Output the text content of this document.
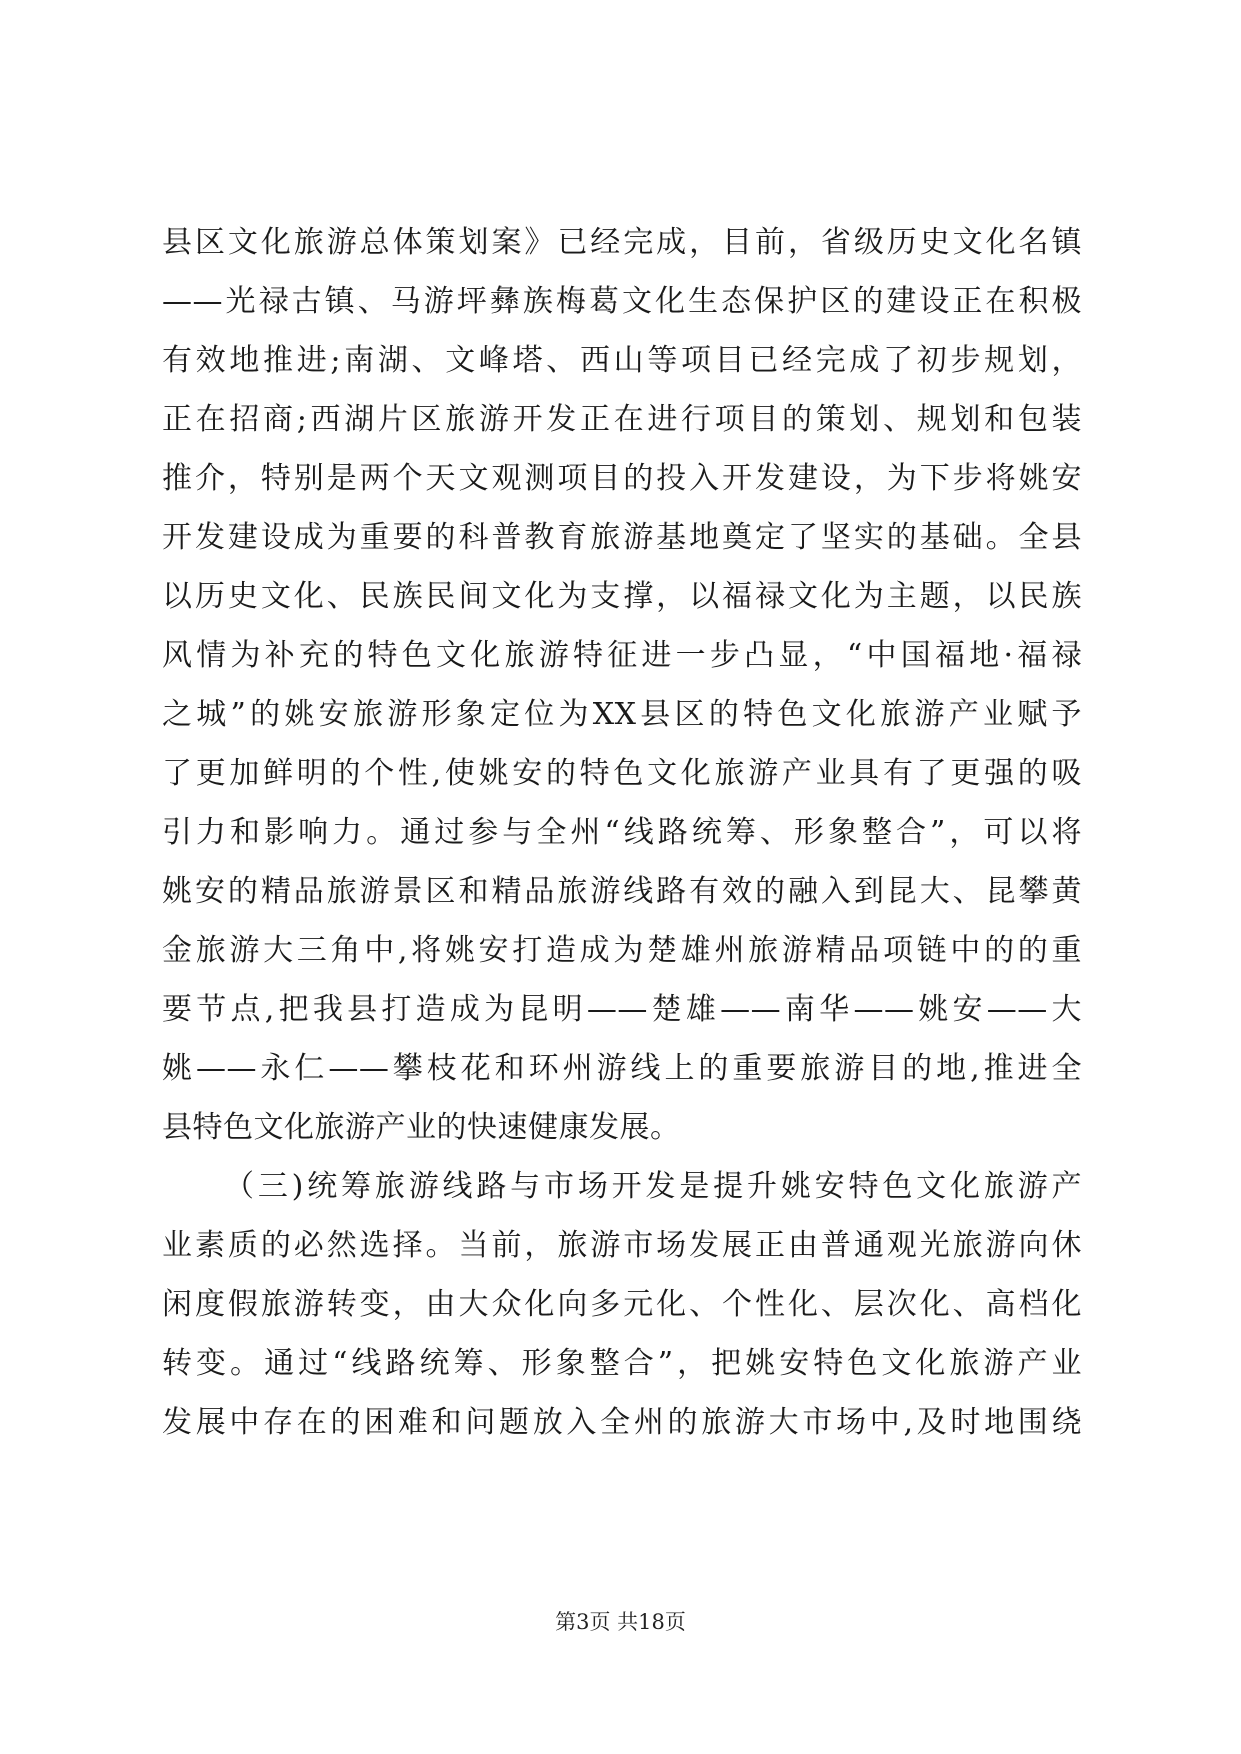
县区文化旅游总体策划案》已经完成，目前，省级历史文化名镇
——光禄古镇、马游坪彝族梅葛文化生态保护区的建设正在积极
有效地推进;南湖、文峰塔、西山等项目已经完成了初步规划，
正在招商;西湖片区旅游开发正在进行项目的策划、规划和包装
推介，特别是两个天文观测项目的投入开发建设，为下步将姚安
开发建设成为重要的科普教育旅游基地奠定了坚实的基础。全县
以历史文化、民族民间文化为支撑，以福禄文化为主题，以民族
风情为补充的特色文化旅游特征进一步凸显，“中国福地·福禄
之城”的姚安旅游形象定位为XX县区的特色文化旅游产业赋予
了更加鲜明的个性,使姚安的特色文化旅游产业具有了更强的吸
引力和影响力。通过参与全州“线路统筹、形象整合”，可以将
姚安的精品旅游景区和精品旅游线路有效的融入到昆大、昆攀黄
金旅游大三角中,将姚安打造成为楚雄州旅游精品项链中的的重
要节点,把我县打造成为昆明——楚雄——南华——姚安——大
姚——永仁——攀枝花和环州游线上的重要旅游目的地,推进全
县特色文化旅游产业的快速健康发展。
（三)统筹旅游线路与市场开发是提升姚安特色文化旅游产
业素质的必然选择。当前，旅游市场发展正由普通观光旅游向休
闲度假旅游转变，由大众化向多元化、个性化、层次化、高档化
转变。通过“线路统筹、形象整合”，把姚安特色文化旅游产业
发展中存在的困难和问题放入全州的旅游大市场中,及时地围绕
第3页 共18页
